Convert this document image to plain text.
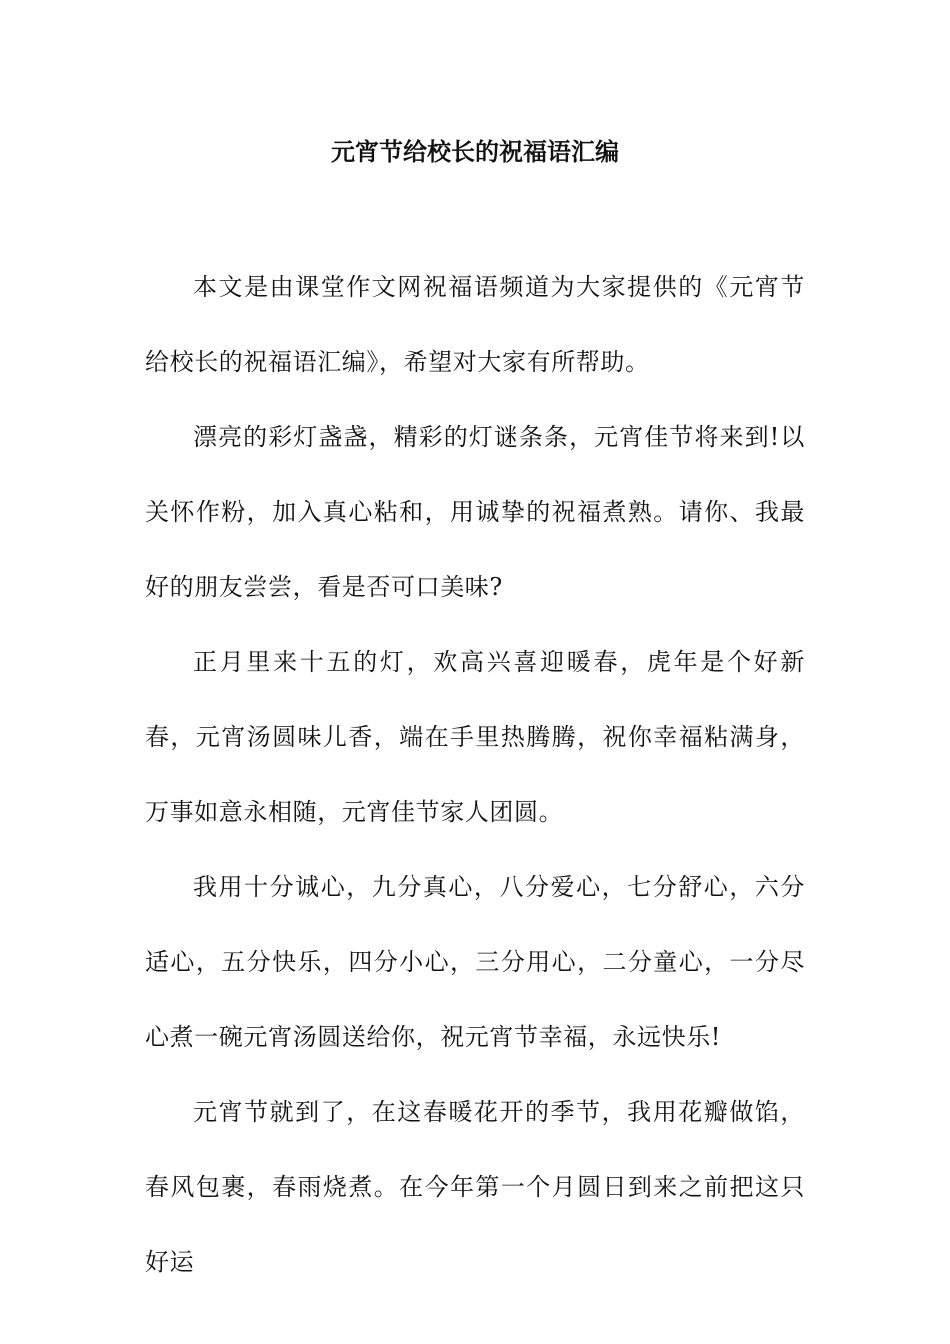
元宵节给校长的祝福语汇编

本文是由课堂作文网祝福语频道为大家提供的《元宵节给校长的祝福语汇编》，希望对大家有所帮助。

漂亮的彩灯盏盏，精彩的灯谜条条，元宵佳节将来到!以关怀作粉，加入真心粘和，用诚挚的祝福煮熟。请你、我最好的朋友尝尝，看是否可口美味?

正月里来十五的灯，欢高兴喜迎暖春，虎年是个好新春，元宵汤圆味儿香，端在手里热腾腾，祝你幸福粘满身，万事如意永相随，元宵佳节家人团圆。

我用十分诚心，九分真心，八分爱心，七分舒心，六分适心，五分快乐，四分小心，三分用心，二分童心，一分尽心煮一碗元宵汤圆送给你，祝元宵节幸福，永远快乐!

元宵节就到了，在这春暖花开的季节，我用花瓣做馅，春风包裹，春雨烧煮。在今年第一个月圆日到来之前把这只好运
